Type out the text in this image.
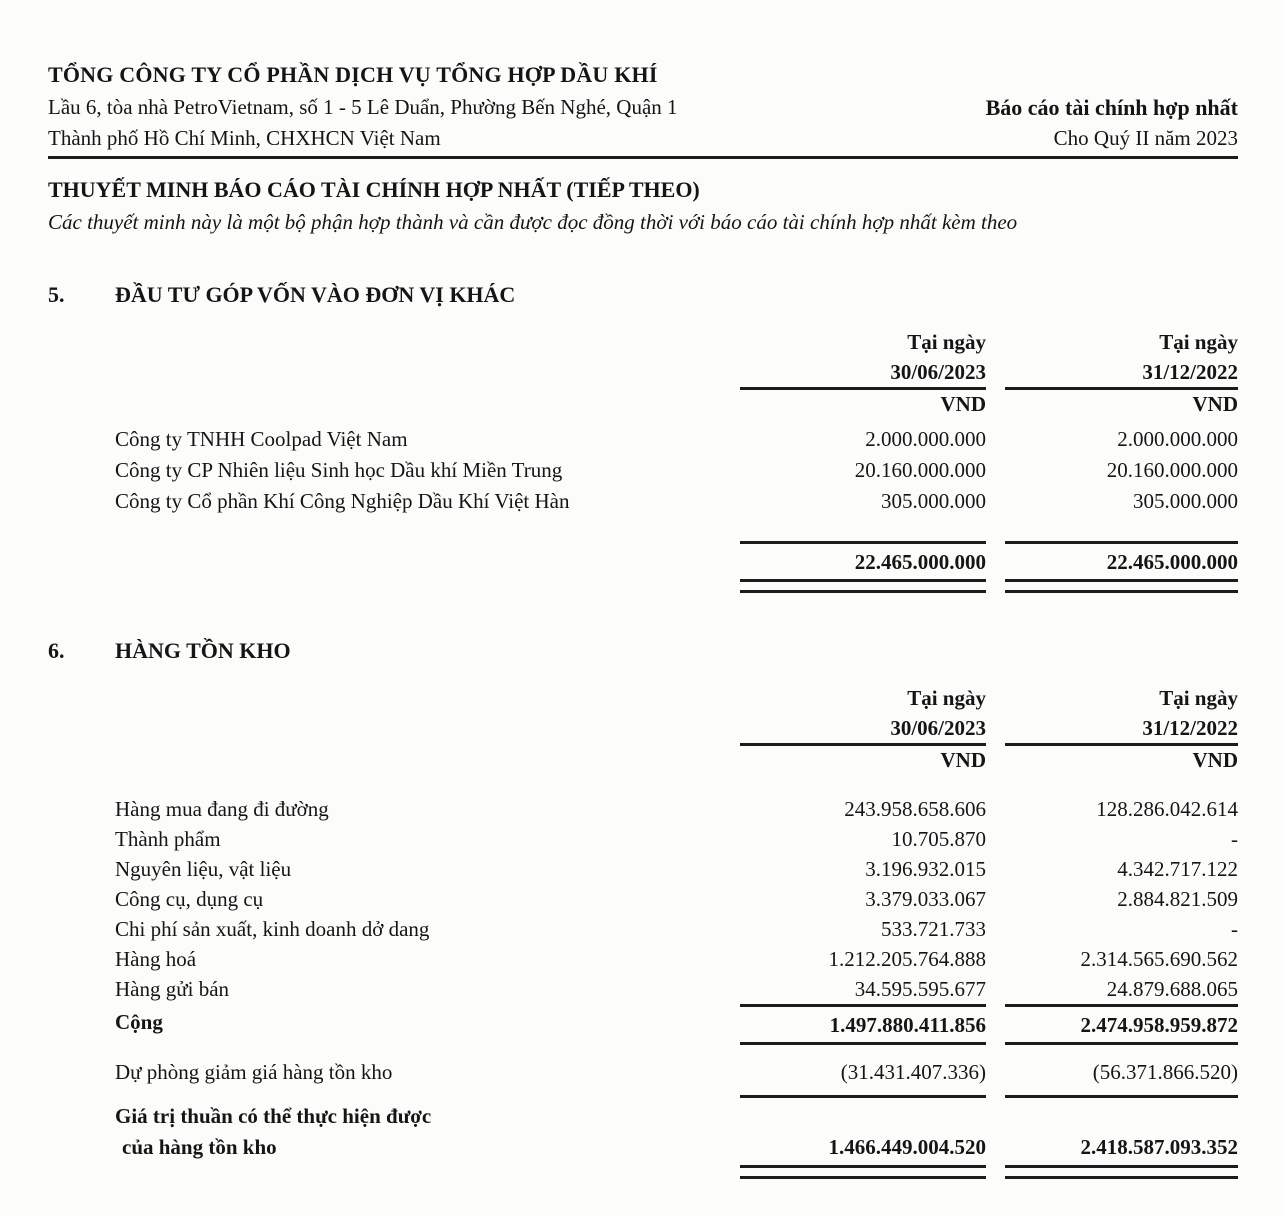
TỔNG CÔNG TY CỔ PHẦN DỊCH VỤ TỔNG HỢP DẦU KHÍ
Lầu 6, tòa nhà PetroVietnam, số 1 - 5 Lê Duẩn, Phường Bến Nghé, Quận 1
Thành phố Hồ Chí Minh, CHXHCN Việt Nam
Báo cáo tài chính hợp nhất
Cho Quý II năm 2023
THUYẾT MINH BÁO CÁO TÀI CHÍNH HỢP NHẤT (TIẾP THEO)
Các thuyết minh này là một bộ phận hợp thành và cần được đọc đồng thời với báo cáo tài chính hợp nhất kèm theo
5.	ĐẦU TƯ GÓP VỐN VÀO ĐƠN VỊ KHÁC
Tại ngày	Tại ngày
30/06/2023	31/12/2022
VND	VND
Công ty TNHH Coolpad Việt Nam	2.000.000.000	2.000.000.000
Công ty CP Nhiên liệu Sinh học Dầu khí Miền Trung	20.160.000.000	20.160.000.000
Công ty Cổ phần Khí Công Nghiệp Dầu Khí Việt Hàn	305.000.000	305.000.000
22.465.000.000	22.465.000.000
6.	HÀNG TỒN KHO
Tại ngày	Tại ngày
30/06/2023	31/12/2022
VND	VND
Hàng mua đang đi đường	243.958.658.606	128.286.042.614
Thành phẩm	10.705.870	-
Nguyên liệu, vật liệu	3.196.932.015	4.342.717.122
Công cụ, dụng cụ	3.379.033.067	2.884.821.509
Chi phí sản xuất, kinh doanh dở dang	533.721.733	-
Hàng hoá	1.212.205.764.888	2.314.565.690.562
Hàng gửi bán	34.595.595.677	24.879.688.065
Cộng	1.497.880.411.856	2.474.958.959.872
Dự phòng giảm giá hàng tồn kho	(31.431.407.336)	(56.371.866.520)
Giá trị thuần có thể thực hiện được
của hàng tồn kho	1.466.449.004.520	2.418.587.093.352
